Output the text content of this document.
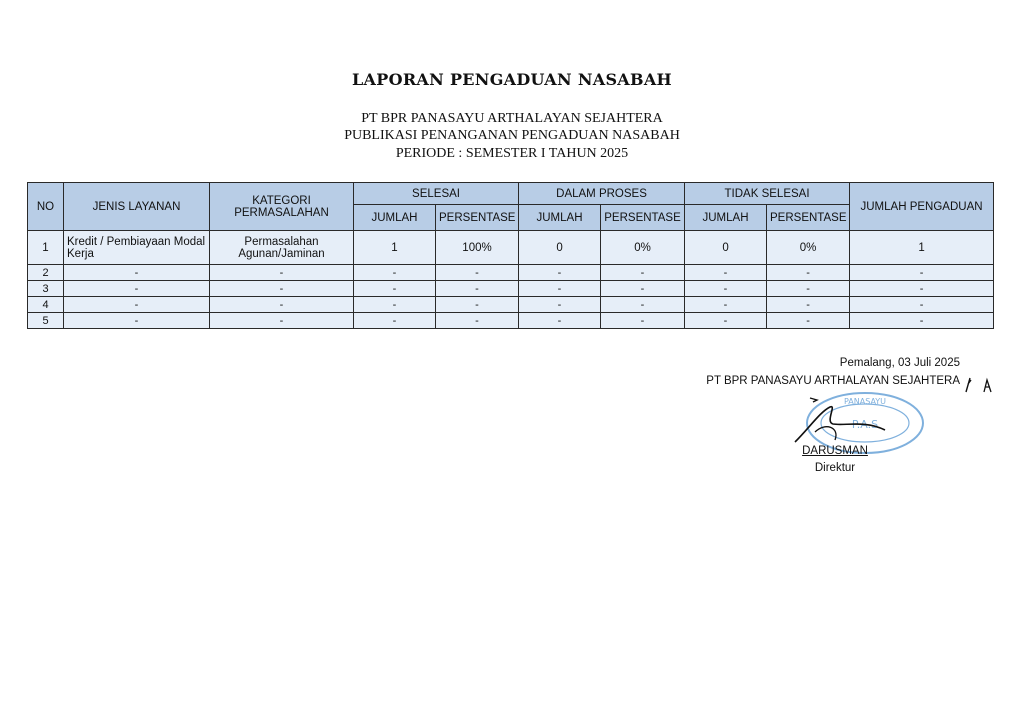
LAPORAN PENGADUAN NASABAH
PT BPR PANASAYU ARTHALAYAN SEJAHTERA
PUBLIKASI PENANGANAN PENGADUAN NASABAH
PERIODE : SEMESTER I TAHUN 2025
NO	JENIS LAYANAN	KATEGORI PERMASALAHAN	SELESAI		DALAM PROSES		TIDAK SELESAI		JUMLAH PENGADUAN
			JUMLAH	PERSENTASE	JUMLAH	PERSENTASE	JUMLAH	PERSENTASE	
1	Kredit / Pembiayaan Modal Kerja	Permasalahan Agunan/Jaminan	1	100%	0	0%	0	0%	1
2	-	-	-	-	-	-	-	-	-
3	-	-	-	-	-	-	-	-	-
4	-	-	-	-	-	-	-	-	-
5	-	-	-	-	-	-	-	-	-
Pemalang, 03 Juli 2025
PT BPR PANASAYU ARTHALAYAN SEJAHTERA
PANASAYU
P.A.S
DARUSMAN
Direktur
